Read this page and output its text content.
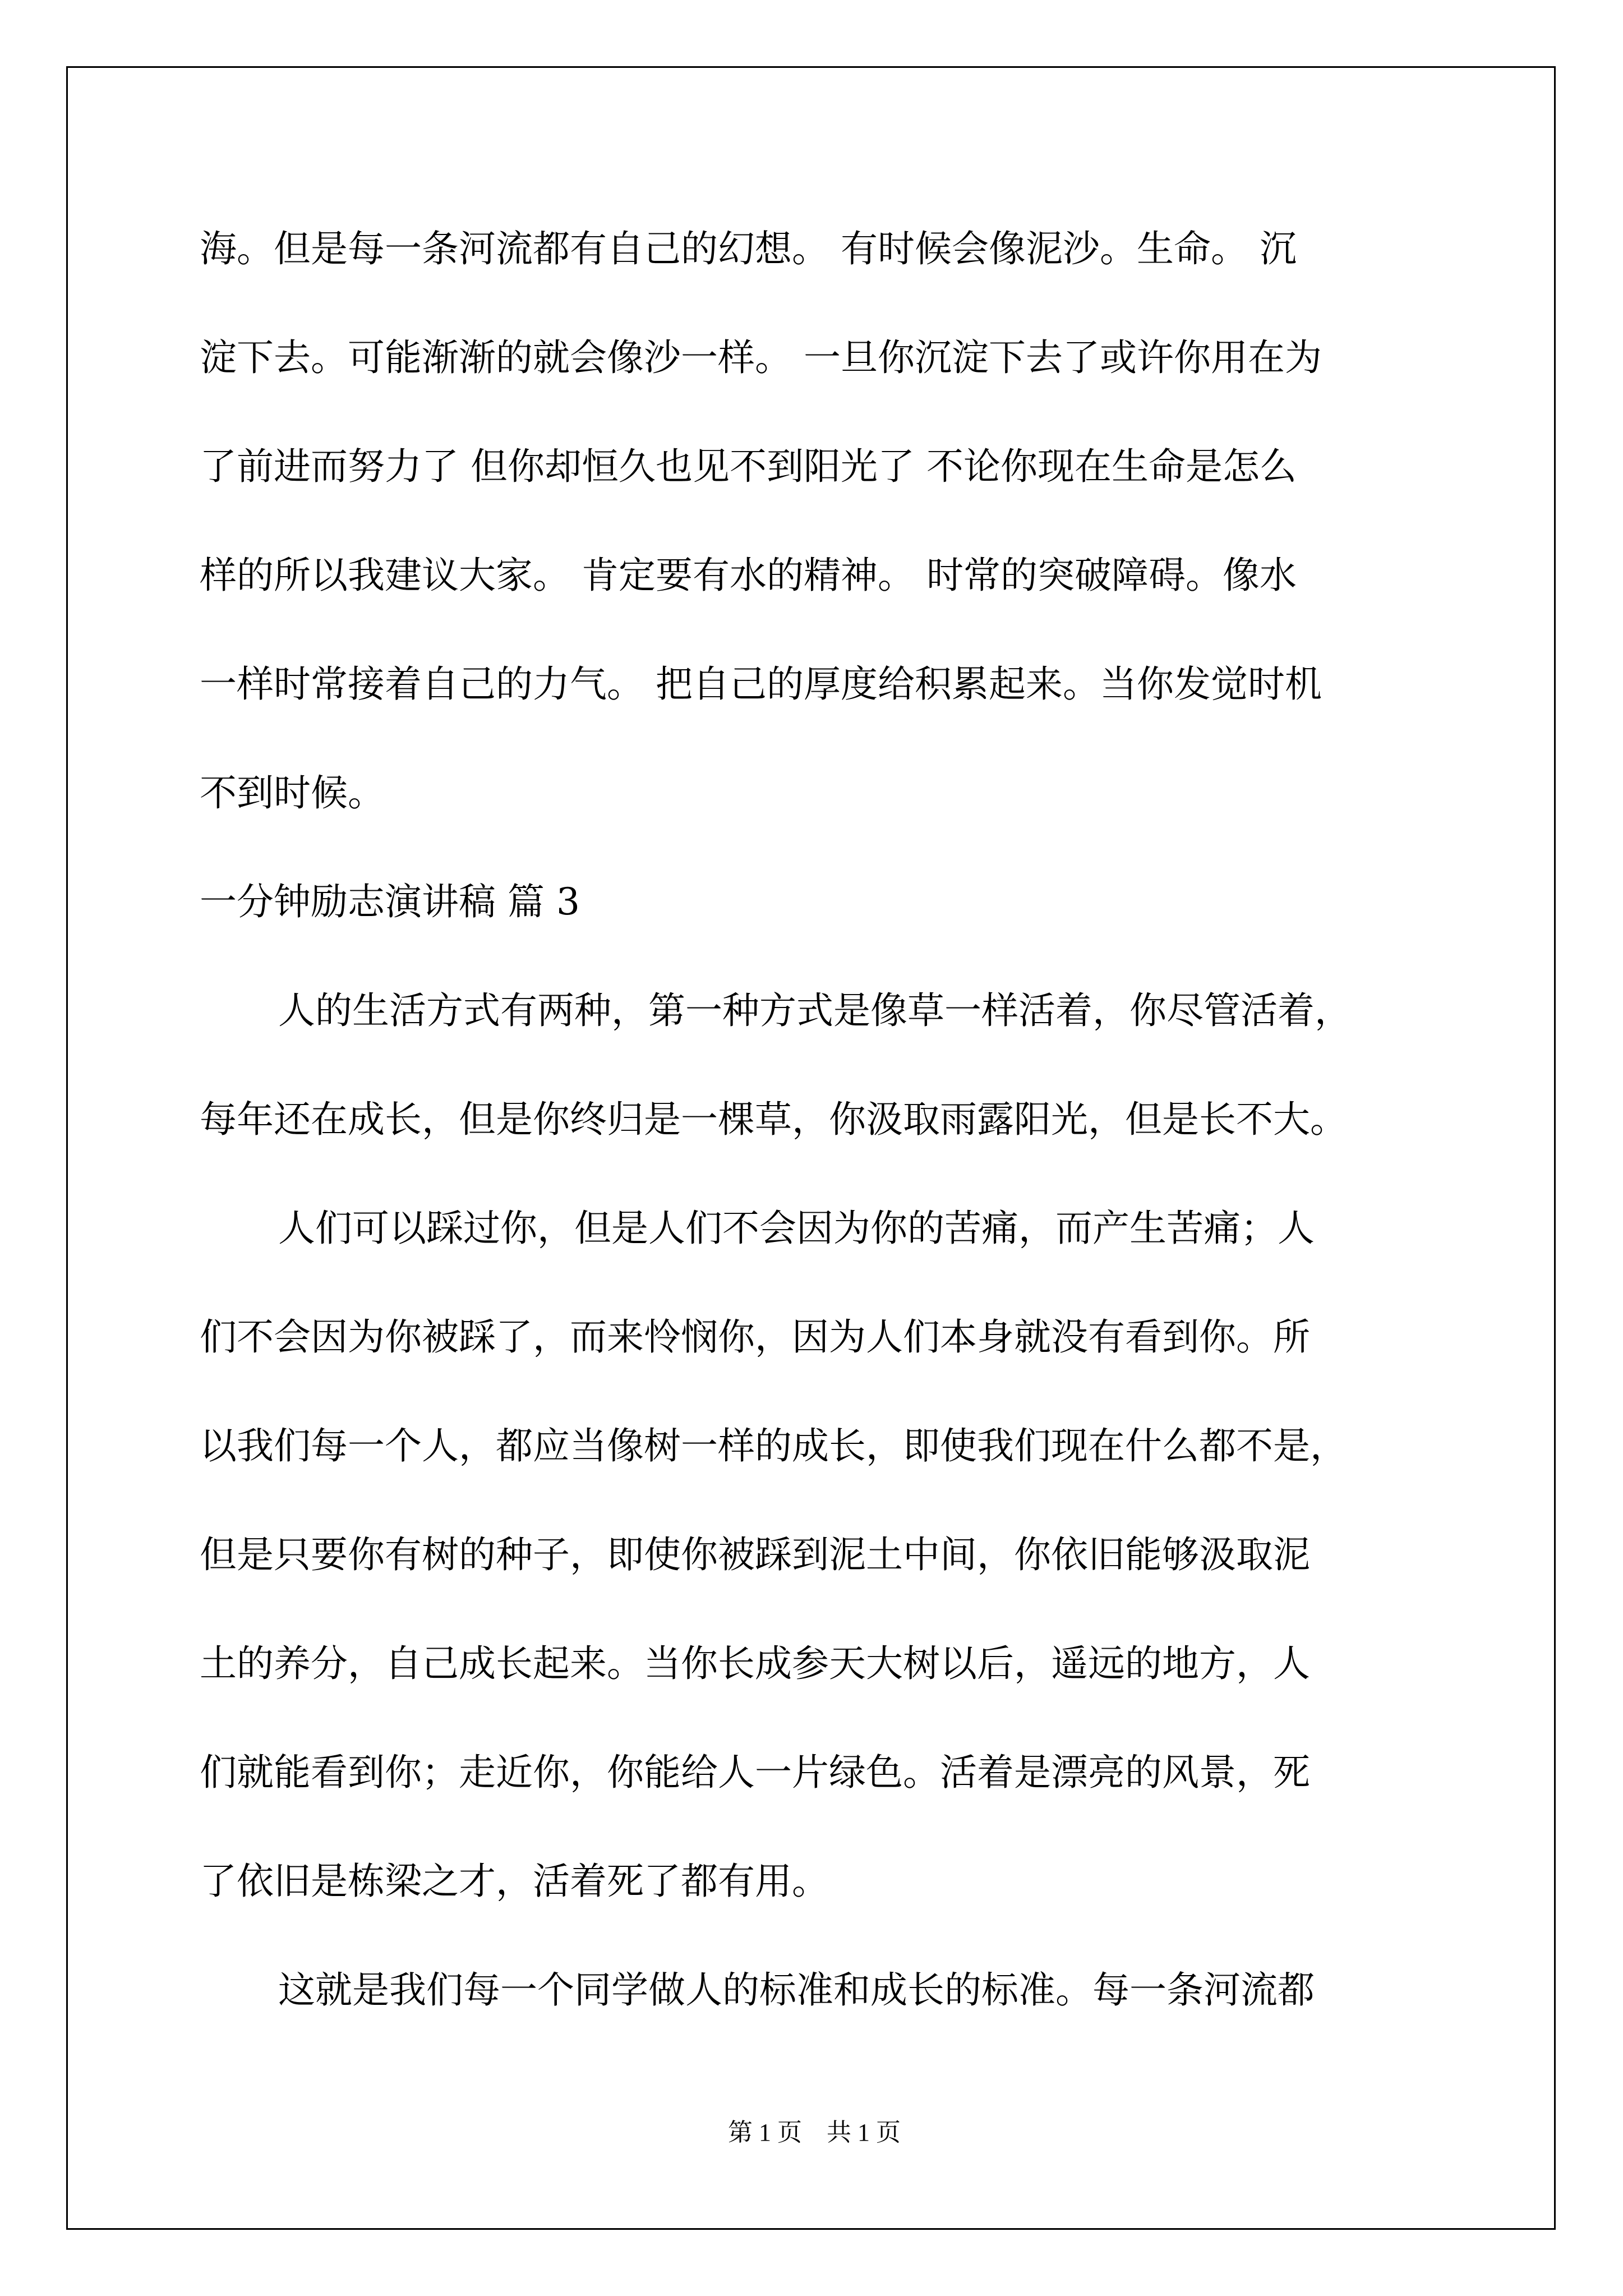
海。但是每一条河流都有自己的幻想。 有时候会像泥沙。生命。 沉
淀下去。可能渐渐的就会像沙一样。 一旦你沉淀下去了或许你用在为
了前进而努力了 但你却恒久也见不到阳光了 不论你现在生命是怎么
样的所以我建议大家。 肯定要有水的精神。 时常的突破障碍。像水
一样时常接着自己的力气。 把自己的厚度给积累起来。当你发觉时机
不到时候。
一分钟励志演讲稿 篇 3
人的生活方式有两种，第一种方式是像草一样活着，你尽管活着，
每年还在成长，但是你终归是一棵草，你汲取雨露阳光，但是长不大。
人们可以踩过你，但是人们不会因为你的苦痛，而产生苦痛；人
们不会因为你被踩了，而来怜悯你，因为人们本身就没有看到你。所
以我们每一个人，都应当像树一样的成长，即使我们现在什么都不是，
但是只要你有树的种子，即使你被踩到泥土中间，你依旧能够汲取泥
土的养分，自己成长起来。当你长成参天大树以后，遥远的地方，人
们就能看到你；走近你，你能给人一片绿色。活着是漂亮的风景，死
了依旧是栋梁之才，活着死了都有用。
这就是我们每一个同学做人的标准和成长的标准。每一条河流都
第 1 页　共 1 页
